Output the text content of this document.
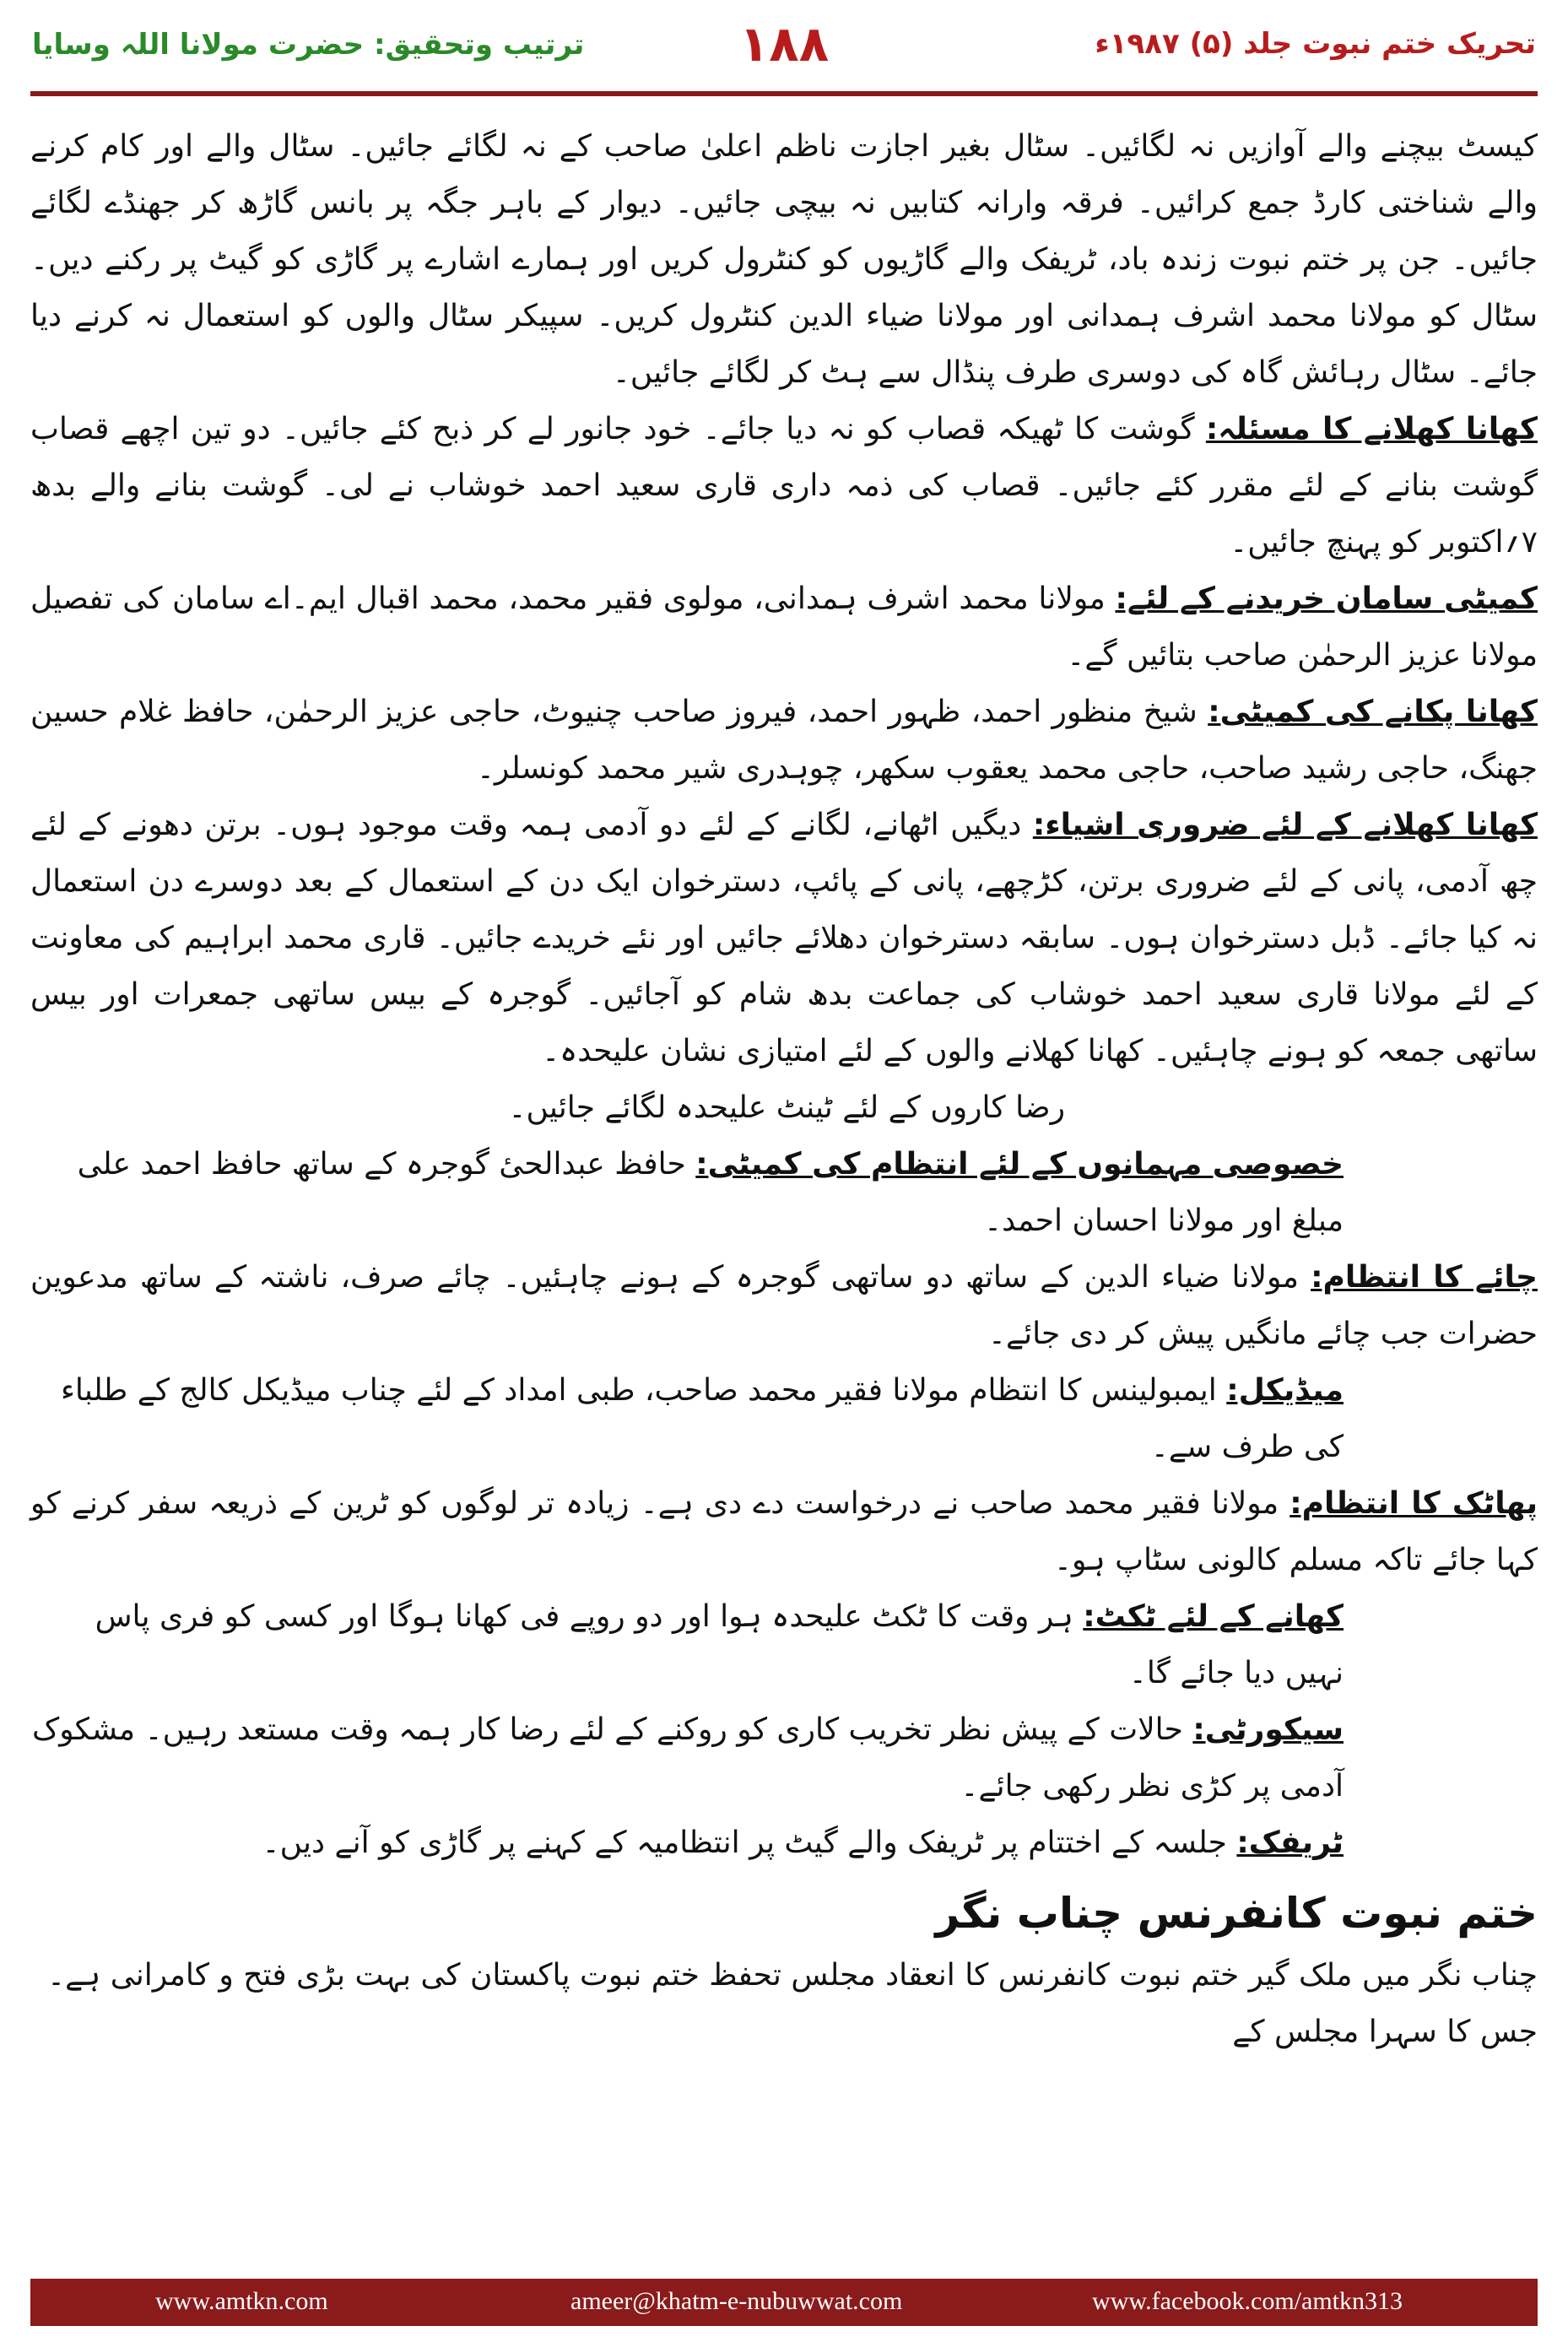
ترتیب وتحقیق: حضرت مولانا اللہ وسایا	۱۸۸	تحریک ختم نبوت جلد (۵) ۱۹۸۷ء

کیسٹ بیچنے والے آوازیں نہ لگائیں۔ سٹال بغیر اجازت ناظم اعلیٰ صاحب کے نہ لگائے جائیں۔ سٹال والے اور کام کرنے والے شناختی کارڈ جمع کرائیں۔ فرقہ وارانہ کتابیں نہ بیچی جائیں۔ دیوار کے باہر جگہ پر بانس گاڑھ کر جھنڈے لگائے جائیں۔ جن پر ختم نبوت زندہ باد، ٹریفک والے گاڑیوں کو کنٹرول کریں اور ہمارے اشارے پر گاڑی کو گیٹ پر رکنے دیں۔ سٹال کو مولانا محمد اشرف ہمدانی اور مولانا ضیاء الدین کنٹرول کریں۔ سپیکر سٹال والوں کو استعمال نہ کرنے دیا جائے۔ سٹال رہائش گاہ کی دوسری طرف پنڈال سے ہٹ کر لگائے جائیں۔

کھانا کھلانے کا مسئلہ: گوشت کا ٹھیکہ قصاب کو نہ دیا جائے۔ خود جانور لے کر ذبح کئے جائیں۔ دو تین اچھے قصاب گوشت بنانے کے لئے مقرر کئے جائیں۔ قصاب کی ذمہ داری قاری سعید احمد خوشاب نے لی۔ گوشت بنانے والے بدھ ۷؍اکتوبر کو پہنچ جائیں۔

کمیٹی سامان خریدنے کے لئے: مولانا محمد اشرف ہمدانی، مولوی فقیر محمد، محمد اقبال ایم۔اے سامان کی تفصیل مولانا عزیز الرحمٰن صاحب بتائیں گے۔

کھانا پکانے کی کمیٹی: شیخ منظور احمد، ظہور احمد، فیروز صاحب چنیوٹ، حاجی عزیز الرحمٰن، حافظ غلام حسین جھنگ، حاجی رشید صاحب، حاجی محمد یعقوب سکھر، چوہدری شیر محمد کونسلر۔

کھانا کھلانے کے لئے ضروری اشیاء: دیگیں اٹھانے، لگانے کے لئے دو آدمی ہمہ وقت موجود ہوں۔ برتن دھونے کے لئے چھ آدمی، پانی کے لئے ضروری برتن، کڑچھے، پانی کے پائپ، دسترخوان ایک دن کے استعمال کے بعد دوسرے دن استعمال نہ کیا جائے۔ ڈبل دسترخوان ہوں۔ سابقہ دسترخوان دھلائے جائیں اور نئے خریدے جائیں۔ قاری محمد ابراہیم کی معاونت کے لئے مولانا قاری سعید احمد خوشاب کی جماعت بدھ شام کو آجائیں۔ گوجرہ کے بیس ساتھی جمعرات اور بیس ساتھی جمعہ کو ہونے چاہئیں۔ کھانا کھلانے والوں کے لئے امتیازی نشان علیحدہ۔

رضا کاروں کے لئے ٹینٹ علیحدہ لگائے جائیں۔

خصوصی مہمانوں کے لئے انتظام کی کمیٹی: حافظ عبدالحیٔ گوجرہ کے ساتھ حافظ احمد علی مبلغ اور مولانا احسان احمد۔

چائے کا انتظام: مولانا ضیاء الدین کے ساتھ دو ساتھی گوجرہ کے ہونے چاہئیں۔ چائے صرف، ناشتہ کے ساتھ مدعوین حضرات جب چائے مانگیں پیش کر دی جائے۔

میڈیکل: ایمبولینس کا انتظام مولانا فقیر محمد صاحب، طبی امداد کے لئے چناب میڈیکل کالج کے طلباء کی طرف سے۔

پھاٹک کا انتظام: مولانا فقیر محمد صاحب نے درخواست دے دی ہے۔ زیادہ تر لوگوں کو ٹرین کے ذریعہ سفر کرنے کو کہا جائے تاکہ مسلم کالونی سٹاپ ہو۔

کھانے کے لئے ٹکٹ: ہر وقت کا ٹکٹ علیحدہ ہوا اور دو روپے فی کھانا ہوگا اور کسی کو فری پاس نہیں دیا جائے گا۔

سیکورٹی: حالات کے پیش نظر تخریب کاری کو روکنے کے لئے رضا کار ہمہ وقت مستعد رہیں۔ مشکوک آدمی پر کڑی نظر رکھی جائے۔

ٹریفک: جلسہ کے اختتام پر ٹریفک والے گیٹ پر انتظامیہ کے کہنے پر گاڑی کو آنے دیں۔

ختم نبوت کانفرنس چناب نگر

چناب نگر میں ملک گیر ختم نبوت کانفرنس کا انعقاد مجلس تحفظ ختم نبوت پاکستان کی بہت بڑی فتح و کامرانی ہے۔ جس کا سہرا مجلس کے

www.amtkn.com	ameer@khatm-e-nubuwwat.com	www.facebook.com/amtkn313
